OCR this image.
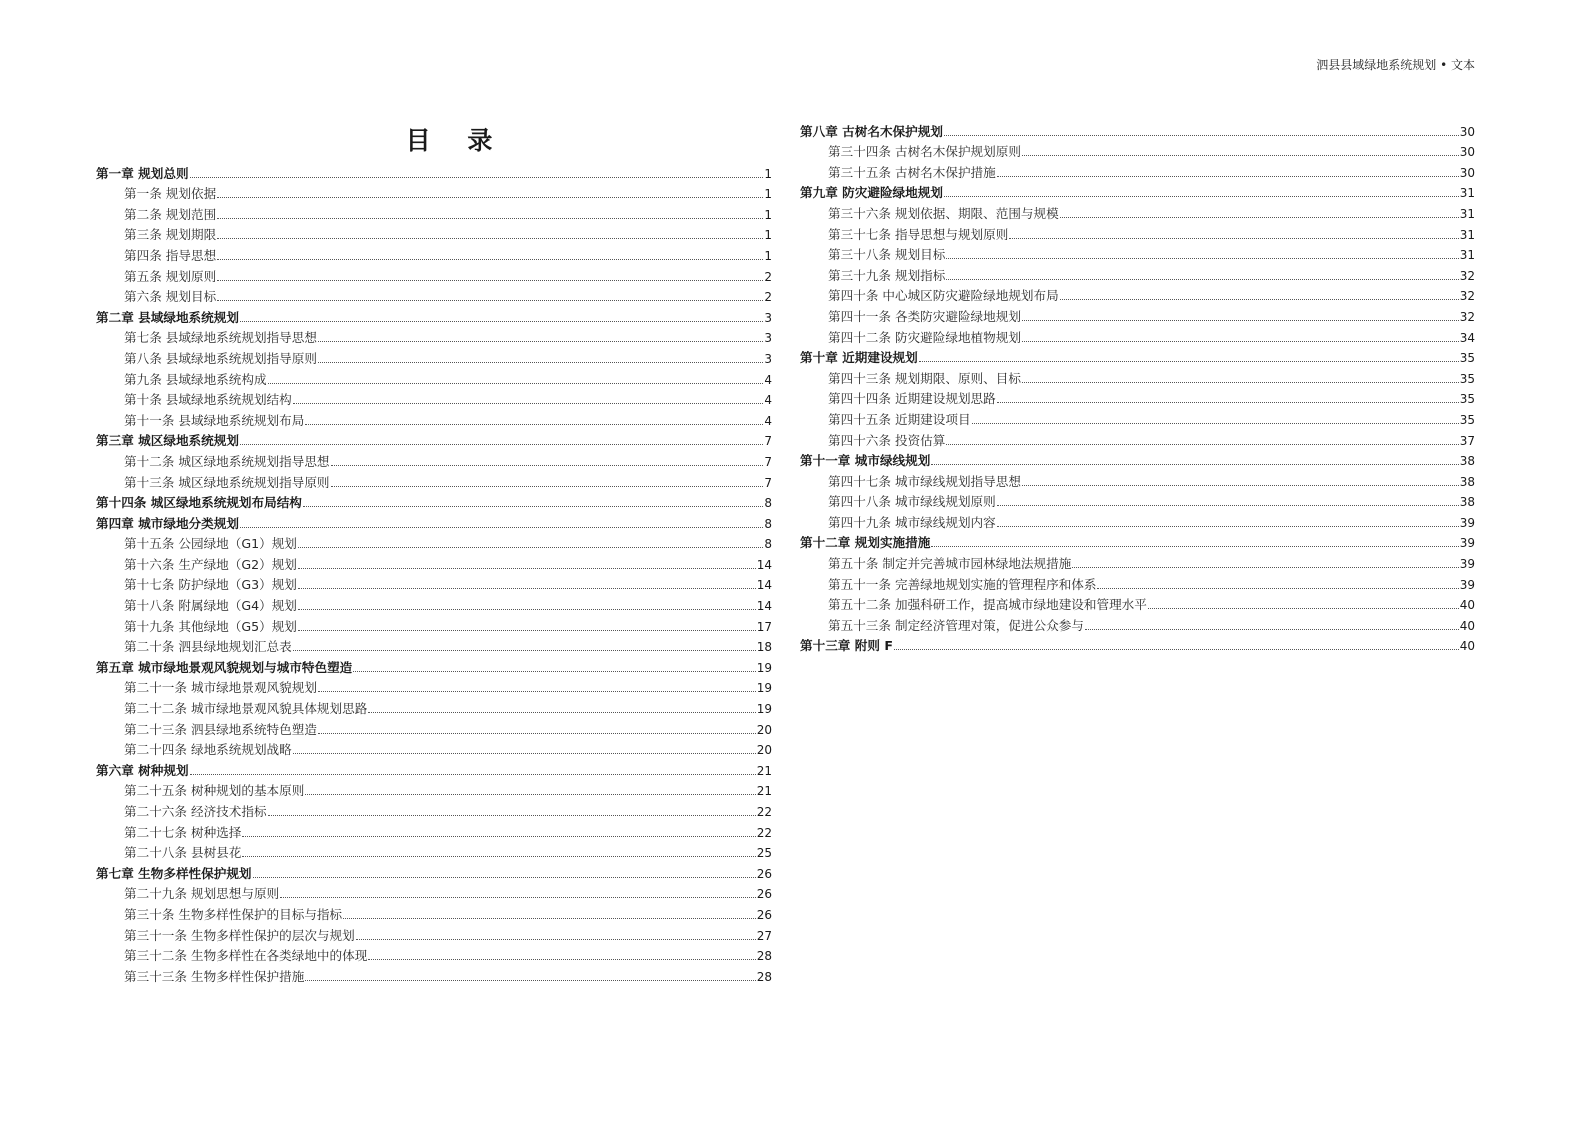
泗县县域绿地系统规划 • 文本
目 录
第一章 规划总则	1
第一条 规划依据	1
第二条 规划范围	1
第三条 规划期限	1
第四条 指导思想	1
第五条 规划原则	2
第六条 规划目标	2
第二章 县域绿地系统规划	3
第七条 县域绿地系统规划指导思想	3
第八条 县域绿地系统规划指导原则	3
第九条 县域绿地系统构成	4
第十条 县域绿地系统规划结构	4
第十一条 县域绿地系统规划布局	4
第三章 城区绿地系统规划	7
第十二条 城区绿地系统规划指导思想	7
第十三条 城区绿地系统规划指导原则	7
第十四条 城区绿地系统规划布局结构	8
第四章 城市绿地分类规划	8
第十五条 公园绿地（G1）规划	8
第十六条 生产绿地（G2）规划	14
第十七条 防护绿地（G3）规划	14
第十八条 附属绿地（G4）规划	14
第十九条 其他绿地（G5）规划	17
第二十条 泗县绿地规划汇总表	18
第五章 城市绿地景观风貌规划与城市特色塑造	19
第二十一条 城市绿地景观风貌规划	19
第二十二条 城市绿地景观风貌具体规划思路	19
第二十三条 泗县绿地系统特色塑造	20
第二十四条 绿地系统规划战略	20
第六章 树种规划	21
第二十五条 树种规划的基本原则	21
第二十六条 经济技术指标	22
第二十七条 树种选择	22
第二十八条 县树县花	25
第七章 生物多样性保护规划	26
第二十九条 规划思想与原则	26
第三十条 生物多样性保护的目标与指标	26
第三十一条 生物多样性保护的层次与规划	27
第三十二条 生物多样性在各类绿地中的体现	28
第三十三条 生物多样性保护措施	28
第八章 古树名木保护规划	30
第三十四条 古树名木保护规划原则	30
第三十五条 古树名木保护措施	30
第九章 防灾避险绿地规划	31
第三十六条 规划依据、期限、范围与规模	31
第三十七条 指导思想与规划原则	31
第三十八条 规划目标	31
第三十九条 规划指标	32
第四十条 中心城区防灾避险绿地规划布局	32
第四十一条 各类防灾避险绿地规划	32
第四十二条 防灾避险绿地植物规划	34
第十章 近期建设规划	35
第四十三条 规划期限、原则、目标	35
第四十四条 近期建设规划思路	35
第四十五条 近期建设项目	35
第四十六条 投资估算	37
第十一章 城市绿线规划	38
第四十七条 城市绿线规划指导思想	38
第四十八条 城市绿线规划原则	38
第四十九条 城市绿线规划内容	39
第十二章 规划实施措施	39
第五十条 制定并完善城市园林绿地法规措施	39
第五十一条 完善绿地规划实施的管理程序和体系	39
第五十二条 加强科研工作，提高城市绿地建设和管理水平	40
第五十三条 制定经济管理对策，促进公众参与	40
第十三章 附则 F	40
